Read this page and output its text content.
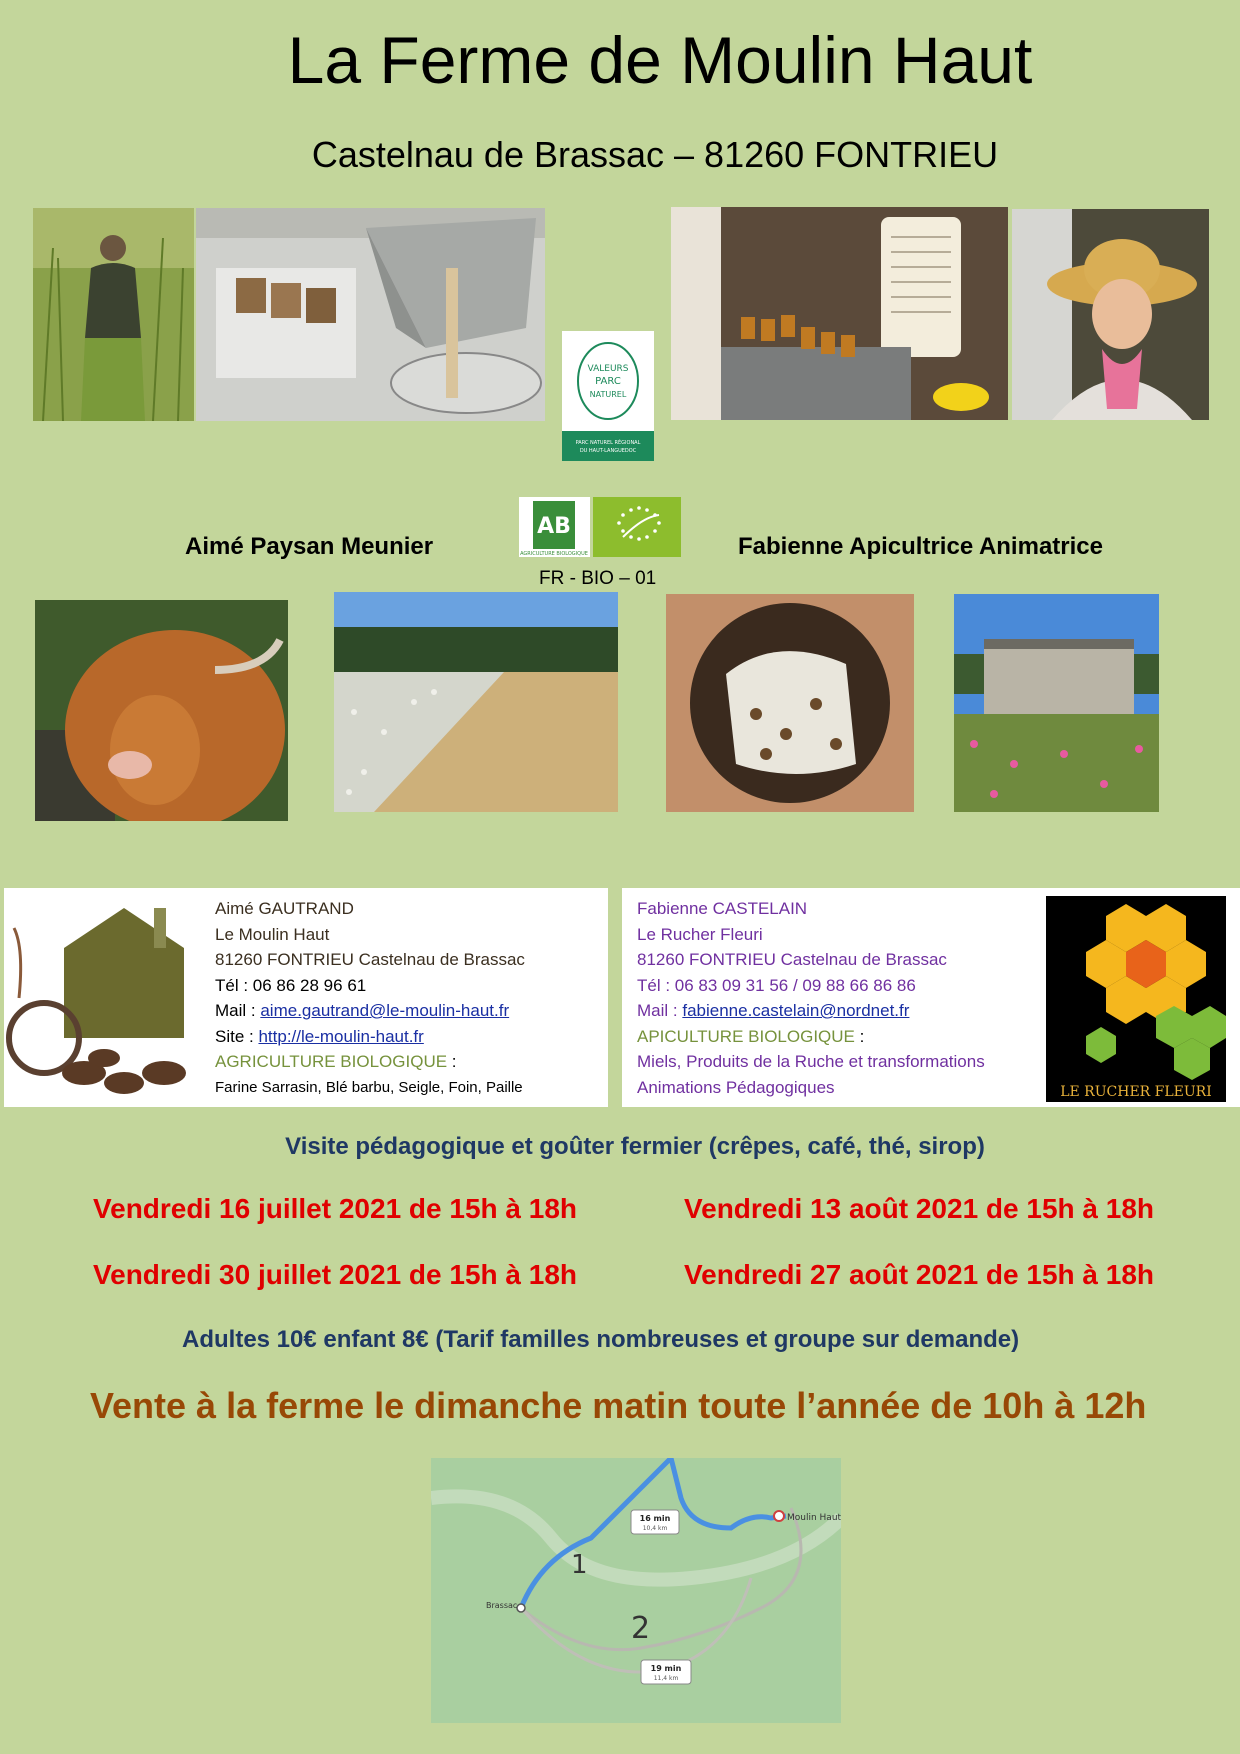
La Ferme de Moulin Haut
Castelnau de Brassac – 81260 FONTRIEU
VALEURS
PARC
NATUREL
PARC NATUREL RÉGIONAL
DU HAUT-LANGUEDOC
AB
AGRICULTURE BIOLOGIQUE
Aimé Paysan Meunier	Fabienne Apicultrice Animatrice
FR - BIO – 01
Aimé GAUTRAND
Le Moulin Haut
81260 FONTRIEU Castelnau de Brassac
Tél : 06 86 28 96 61
Mail : aime.gautrand@le-moulin-haut.fr
Site : http://le-moulin-haut.fr
AGRICULTURE BIOLOGIQUE :
Farine Sarrasin, Blé barbu, Seigle, Foin, Paille
Fabienne CASTELAIN
Le Rucher Fleuri
81260 FONTRIEU Castelnau de Brassac
Tél : 06 83 09 31 56 / 09 88 66 86 86
Mail : fabienne.castelain@nordnet.fr
APICULTURE BIOLOGIQUE :
Miels, Produits de la Ruche et transformations
Animations Pédagogiques	LE RUCHER FLEURI
Visite pédagogique et goûter fermier (crêpes, café, thé, sirop)
Vendredi 16 juillet 2021 de 15h à 18h	Vendredi 13 août 2021 de 15h à 18h
Vendredi 30 juillet 2021 de 15h à 18h	Vendredi 27 août 2021 de 15h à 18h
Adultes 10€ enfant 8€ (Tarif familles nombreuses et groupe sur demande)
Vente à la ferme le dimanche matin toute l’année de 10h à 12h
Moulin Haut
Brassac
16 min
10,4 km
19 min
11,4 km
1
2
